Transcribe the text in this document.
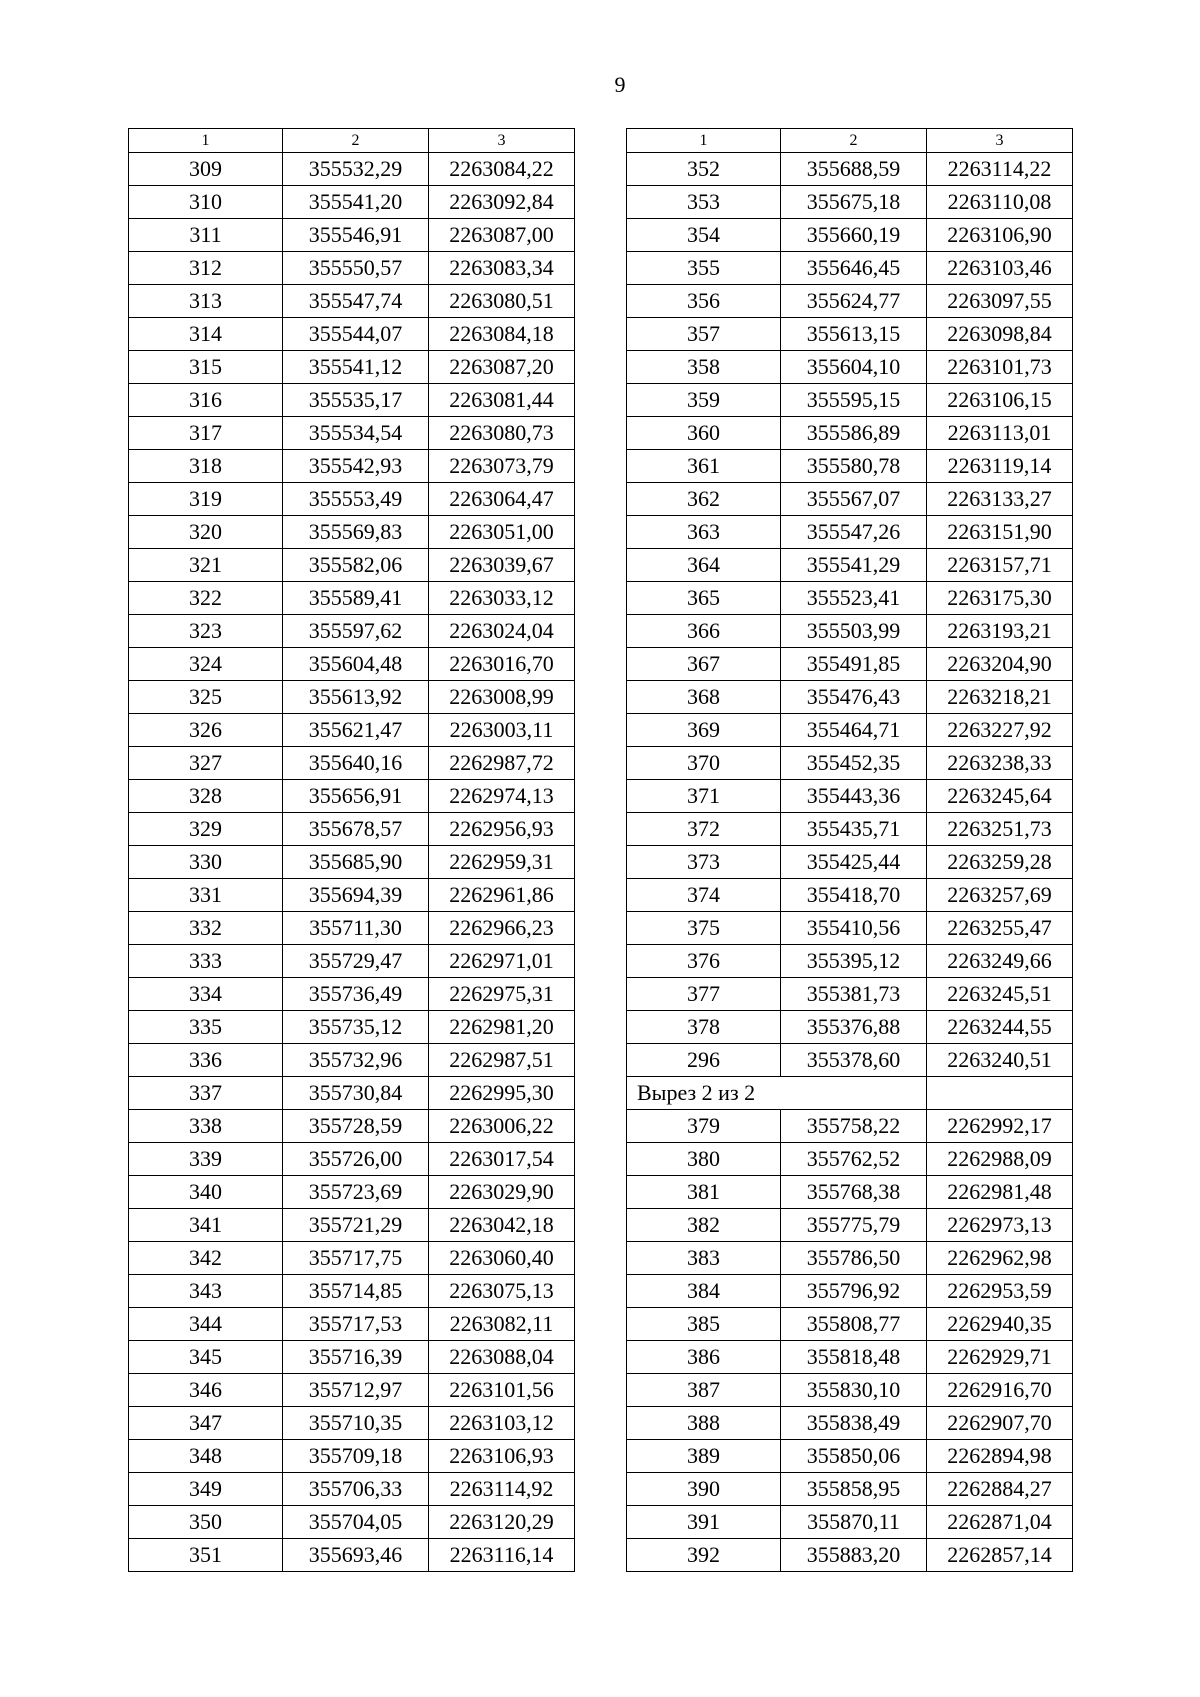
9
1	2	3
309	355532,29	2263084,22
310	355541,20	2263092,84
311	355546,91	2263087,00
312	355550,57	2263083,34
313	355547,74	2263080,51
314	355544,07	2263084,18
315	355541,12	2263087,20
316	355535,17	2263081,44
317	355534,54	2263080,73
318	355542,93	2263073,79
319	355553,49	2263064,47
320	355569,83	2263051,00
321	355582,06	2263039,67
322	355589,41	2263033,12
323	355597,62	2263024,04
324	355604,48	2263016,70
325	355613,92	2263008,99
326	355621,47	2263003,11
327	355640,16	2262987,72
328	355656,91	2262974,13
329	355678,57	2262956,93
330	355685,90	2262959,31
331	355694,39	2262961,86
332	355711,30	2262966,23
333	355729,47	2262971,01
334	355736,49	2262975,31
335	355735,12	2262981,20
336	355732,96	2262987,51
337	355730,84	2262995,30
338	355728,59	2263006,22
339	355726,00	2263017,54
340	355723,69	2263029,90
341	355721,29	2263042,18
342	355717,75	2263060,40
343	355714,85	2263075,13
344	355717,53	2263082,11
345	355716,39	2263088,04
346	355712,97	2263101,56
347	355710,35	2263103,12
348	355709,18	2263106,93
349	355706,33	2263114,92
350	355704,05	2263120,29
351	355693,46	2263116,14
1	2	3
352	355688,59	2263114,22
353	355675,18	2263110,08
354	355660,19	2263106,90
355	355646,45	2263103,46
356	355624,77	2263097,55
357	355613,15	2263098,84
358	355604,10	2263101,73
359	355595,15	2263106,15
360	355586,89	2263113,01
361	355580,78	2263119,14
362	355567,07	2263133,27
363	355547,26	2263151,90
364	355541,29	2263157,71
365	355523,41	2263175,30
366	355503,99	2263193,21
367	355491,85	2263204,90
368	355476,43	2263218,21
369	355464,71	2263227,92
370	355452,35	2263238,33
371	355443,36	2263245,64
372	355435,71	2263251,73
373	355425,44	2263259,28
374	355418,70	2263257,69
375	355410,56	2263255,47
376	355395,12	2263249,66
377	355381,73	2263245,51
378	355376,88	2263244,55
296	355378,60	2263240,51
Вырез 2 из 2		
379	355758,22	2262992,17
380	355762,52	2262988,09
381	355768,38	2262981,48
382	355775,79	2262973,13
383	355786,50	2262962,98
384	355796,92	2262953,59
385	355808,77	2262940,35
386	355818,48	2262929,71
387	355830,10	2262916,70
388	355838,49	2262907,70
389	355850,06	2262894,98
390	355858,95	2262884,27
391	355870,11	2262871,04
392	355883,20	2262857,14
